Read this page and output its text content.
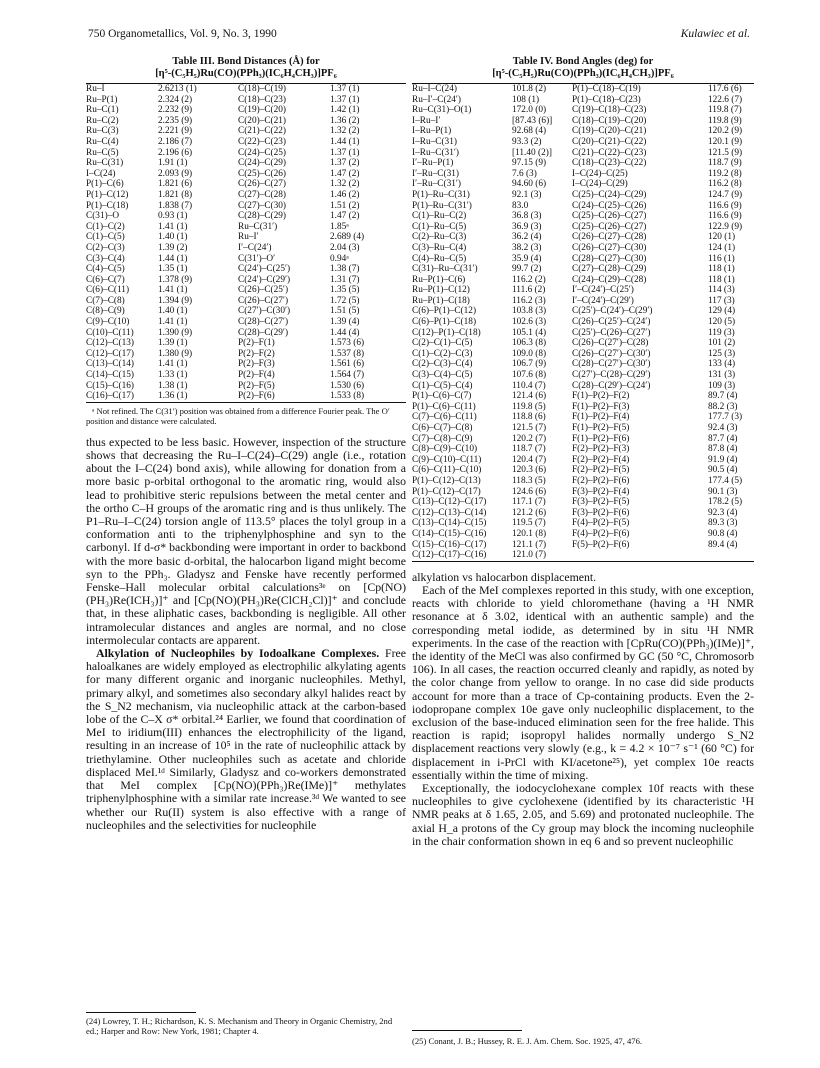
750 Organometallics, Vol. 9, No. 3, 1990	Kulawiec et al.
Table III. Bond Distances (Å) for
[η⁵-(C₅H₅)Ru(CO)(PPh₃)(IC₆H₄CH₃)]PF₆
Ru–I	2.6213 (1)	C(18)–C(19)	1.37 (1)
Ru–P(1)	2.324 (2)	C(18)–C(23)	1.37 (1)
Ru–C(1)	2.232 (9)	C(19)–C(20)	1.42 (1)
Ru–C(2)	2.235 (9)	C(20)–C(21)	1.36 (2)
Ru–C(3)	2.221 (9)	C(21)–C(22)	1.32 (2)
Ru–C(4)	2.186 (7)	C(22)–C(23)	1.44 (1)
Ru–C(5)	2.196 (6)	C(24)–C(25)	1.37 (1)
Ru–C(31)	1.91 (1)	C(24)–C(29)	1.37 (2)
I–C(24)	2.093 (9)	C(25)–C(26)	1.47 (2)
P(1)–C(6)	1.821 (6)	C(26)–C(27)	1.32 (2)
P(1)–C(12)	1.821 (8)	C(27)–C(28)	1.46 (2)
P(1)–C(18)	1.838 (7)	C(27)–C(30)	1.51 (2)
C(31)–O	0.93 (1)	C(28)–C(29)	1.47 (2)
C(1)–C(2)	1.41 (1)	Ru–C(31′)	1.85ᵃ
C(1)–C(5)	1.40 (1)	Ru–I′	2.689 (4)
C(2)–C(3)	1.39 (2)	I′–C(24′)	2.04 (3)
C(3)–C(4)	1.44 (1)	C(31′)–O′	0.94ᵃ
C(4)–C(5)	1.35 (1)	C(24′)–C(25′)	1.38 (7)
C(6)–C(7)	1.378 (9)	C(24′)–C(29′)	1.31 (7)
C(6)–C(11)	1.41 (1)	C(26)–C(25′)	1.35 (5)
C(7)–C(8)	1.394 (9)	C(26)–C(27′)	1.72 (5)
C(8)–C(9)	1.40 (1)	C(27′)–C(30′)	1.51 (5)
C(9)–C(10)	1.41 (1)	C(28)–C(27′)	1.39 (4)
C(10)–C(11)	1.390 (9)	C(28)–C(29′)	1.44 (4)
C(12)–C(13)	1.39 (1)	P(2)–F(1)	1.573 (6)
C(12)–C(17)	1.380 (9)	P(2)–F(2)	1.537 (8)
C(13)–C(14)	1.41 (1)	P(2)–F(3)	1.561 (6)
C(14)–C(15)	1.33 (1)	P(2)–F(4)	1.564 (7)
C(15)–C(16)	1.38 (1)	P(2)–F(5)	1.530 (6)
C(16)–C(17)	1.36 (1)	P(2)–F(6)	1.533 (8)
ᵃ Not refined. The C(31′) position was obtained from a difference Fourier peak. The O′ position and distance were calculated.

thus expected to be less basic. However, inspection of the structure shows that decreasing the Ru–I–C(24)–C(29) angle (i.e., rotation about the I–C(24) bond axis), while allowing for donation from a more basic p-orbital orthogonal to the aromatic ring, would also lead to prohibitive steric repulsions between the metal center and the ortho C–H groups of the aromatic ring and is thus unlikely. The P1–Ru–I–C(24) torsion angle of 113.5° places the tolyl group in a conformation anti to the triphenylphosphine and syn to the carbonyl. If d-σ* backbonding were important in order to backbond with the more basic d-orbital, the halocarbon ligand might become syn to the PPh₃. Gladysz and Fenske have recently performed Fenske–Hall molecular orbital calculations³ᵉ on [Cp(NO)(PH₃)Re(ICH₃)]⁺ and [Cp(NO)(PH₃)Re(ClCH₂Cl)]⁺ and conclude that, in these aliphatic cases, backbonding is negligible. All other intramolecular distances and angles are normal, and no close intermolecular contacts are apparent.

Alkylation of Nucleophiles by Iodoalkane Complexes. Free haloalkanes are widely employed as electrophilic alkylating agents for many different organic and inorganic nucleophiles. Methyl, primary alkyl, and sometimes also secondary alkyl halides react by the S_N2 mechanism, via nucleophilic attack at the carbon-based lobe of the C–X σ* orbital.²⁴ Earlier, we found that coordination of MeI to iridium(III) enhances the electrophilicity of the ligand, resulting in an increase of 10⁵ in the rate of nucleophilic attack by triethylamine. Other nucleophiles such as acetate and chloride displaced MeI.¹ᵈ Similarly, Gladysz and co-workers demonstrated that MeI complex [Cp(NO)(PPh₃)Re(IMe)]⁺ methylates triphenylphosphine with a similar rate increase.³ᵈ We wanted to see whether our Ru(II) system is also effective with a range of nucleophiles and the selectivities for nucleophile

Table IV. Bond Angles (deg) for
[η⁵-(C₅H₅)Ru(CO)(PPh₃)(IC₆H₄CH₃)]PF₆
Ru–I–C(24)	101.8 (2)	P(1)–C(18)–C(19)	117.6 (6)
Ru–I′–C(24′)	108 (1)	P(1)–C(18)–C(23)	122.6 (7)
Ru–C(31)–O(1)	172.0 (0)	C(19)–C(18)–C(23)	119.8 (7)
I–Ru–I′	[87.43 (6)]	C(18)–C(19)–C(20)	119.8 (9)
I–Ru–P(1)	92.68 (4)	C(19)–C(20)–C(21)	120.2 (9)
I–Ru–C(31)	93.3 (2)	C(20)–C(21)–C(22)	120.1 (9)
I–Ru–C(31′)	[11.40 (2)]	C(21)–C(22)–C(23)	121.5 (9)
I′–Ru–P(1)	97.15 (9)	C(18)–C(23)–C(22)	118.7 (9)
I′–Ru–C(31)	7.6 (3)	I–C(24)–C(25)	119.2 (8)
I′–Ru–C(31′)	94.60 (6)	I–C(24)–C(29)	116.2 (8)
P(1)–Ru–C(31)	92.1 (3)	C(25)–C(24)–C(29)	124.7 (9)
P(1)–Ru–C(31′)	83.0	C(24)–C(25)–C(26)	116.6 (9)
C(1)–Ru–C(2)	36.8 (3)	C(25)–C(26)–C(27)	116.6 (9)
C(1)–Ru–C(5)	36.9 (3)	C(25)–C(26)–C(27)	122.9 (9)
C(2)–Ru–C(3)	36.2 (4)	C(26)–C(27)–C(28)	120 (1)
C(3)–Ru–C(4)	38.2 (3)	C(26)–C(27)–C(30)	124 (1)
C(4)–Ru–C(5)	35.9 (4)	C(28)–C(27)–C(30)	116 (1)
C(31)–Ru–C(31′)	99.7 (2)	C(27)–C(28)–C(29)	118 (1)
Ru–P(1)–C(6)	116.2 (2)	C(24)–C(29)–C(28)	118 (1)
Ru–P(1)–C(12)	111.6 (2)	I′–C(24′)–C(25′)	114 (3)
Ru–P(1)–C(18)	116.2 (3)	I′–C(24′)–C(29′)	117 (3)
C(6)–P(1)–C(12)	103.8 (3)	C(25′)–C(24′)–C(29′)	129 (4)
C(6)–P(1)–C(18)	102.6 (3)	C(26)–C(25′)–C(24′)	120 (5)
C(12)–P(1)–C(18)	105.1 (4)	C(25′)–C(26)–C(27′)	119 (3)
C(2)–C(1)–C(5)	106.3 (8)	C(26)–C(27′)–C(28)	101 (2)
C(1)–C(2)–C(3)	109.0 (8)	C(26)–C(27′)–C(30′)	125 (3)
C(2)–C(3)–C(4)	106.7 (9)	C(28)–C(27′)–C(30′)	133 (4)
C(3)–C(4)–C(5)	107.6 (8)	C(27′)–C(28)–C(29′)	131 (3)
C(1)–C(5)–C(4)	110.4 (7)	C(28)–C(29′)–C(24′)	109 (3)
P(1)–C(6)–C(7)	121.4 (6)	F(1)–P(2)–F(2)	89.7 (4)
P(1)–C(6)–C(11)	119.8 (5)	F(1)–P(2)–F(3)	88.2 (3)
C(7)–C(6)–C(11)	118.8 (6)	F(1)–P(2)–F(4)	177.7 (3)
C(6)–C(7)–C(8)	121.5 (7)	F(1)–P(2)–F(5)	92.4 (3)
C(7)–C(8)–C(9)	120.2 (7)	F(1)–P(2)–F(6)	87.7 (4)
C(8)–C(9)–C(10)	118.7 (7)	F(2)–P(2)–F(3)	87.8 (4)
C(9)–C(10)–C(11)	120.4 (7)	F(2)–P(2)–F(4)	91.9 (4)
C(6)–C(11)–C(10)	120.3 (6)	F(2)–P(2)–F(5)	90.5 (4)
P(1)–C(12)–C(13)	118.3 (5)	F(2)–P(2)–F(6)	177.4 (5)
P(1)–C(12)–C(17)	124.6 (6)	F(3)–P(2)–F(4)	90.1 (3)
C(13)–C(12)–C(17)	117.1 (7)	F(3)–P(2)–F(5)	178.2 (5)
C(12)–C(13)–C(14)	121.2 (6)	F(3)–P(2)–F(6)	92.3 (4)
C(13)–C(14)–C(15)	119.5 (7)	F(4)–P(2)–F(5)	89.3 (3)
C(14)–C(15)–C(16)	120.1 (8)	F(4)–P(2)–F(6)	90.8 (4)
C(15)–C(16)–C(17)	121.1 (7)	F(5)–P(2)–F(6)	89.4 (4)
C(12)–C(17)–C(16)	121.0 (7)		

alkylation vs halocarbon displacement.

Each of the MeI complexes reported in this study, with one exception, reacts with chloride to yield chloromethane (having a ¹H NMR resonance at δ 3.02, identical with an authentic sample) and the corresponding metal iodide, as determined by in situ ¹H NMR experiments. In the case of the reaction with [CpRu(CO)(PPh₃)(IMe)]⁺, the identity of the MeCl was also confirmed by GC (50 °C, Chromosorb 106). In all cases, the reaction occurred cleanly and rapidly, as noted by the color change from yellow to orange. In no case did side products account for more than a trace of Cp-containing products. Even the 2-iodopropane complex 10e gave only nucleophilic displacement, to the exclusion of the base-induced elimination seen for the free halide. This reaction is rapid; isopropyl halides normally undergo S_N2 displacement reactions very slowly (e.g., k = 4.2 × 10⁻⁷ s⁻¹ (60 °C) for displacement in i-PrCl with KI/acetone²⁵), yet complex 10e reacts essentially within the time of mixing.

Exceptionally, the iodocyclohexane complex 10f reacts with these nucleophiles to give cyclohexene (identified by its characteristic ¹H NMR peaks at δ 1.65, 2.05, and 5.69) and protonated nucleophile. The axial H_a protons of the Cy group may block the incoming nucleophile in the chair conformation shown in eq 6 and so prevent nucleophilic

(24) Lowrey, T. H.; Richardson, K. S. Mechanism and Theory in Organic Chemistry, 2nd ed.; Harper and Row: New York, 1981; Chapter 4.
(25) Conant, J. B.; Hussey, R. E. J. Am. Chem. Soc. 1925, 47, 476.
